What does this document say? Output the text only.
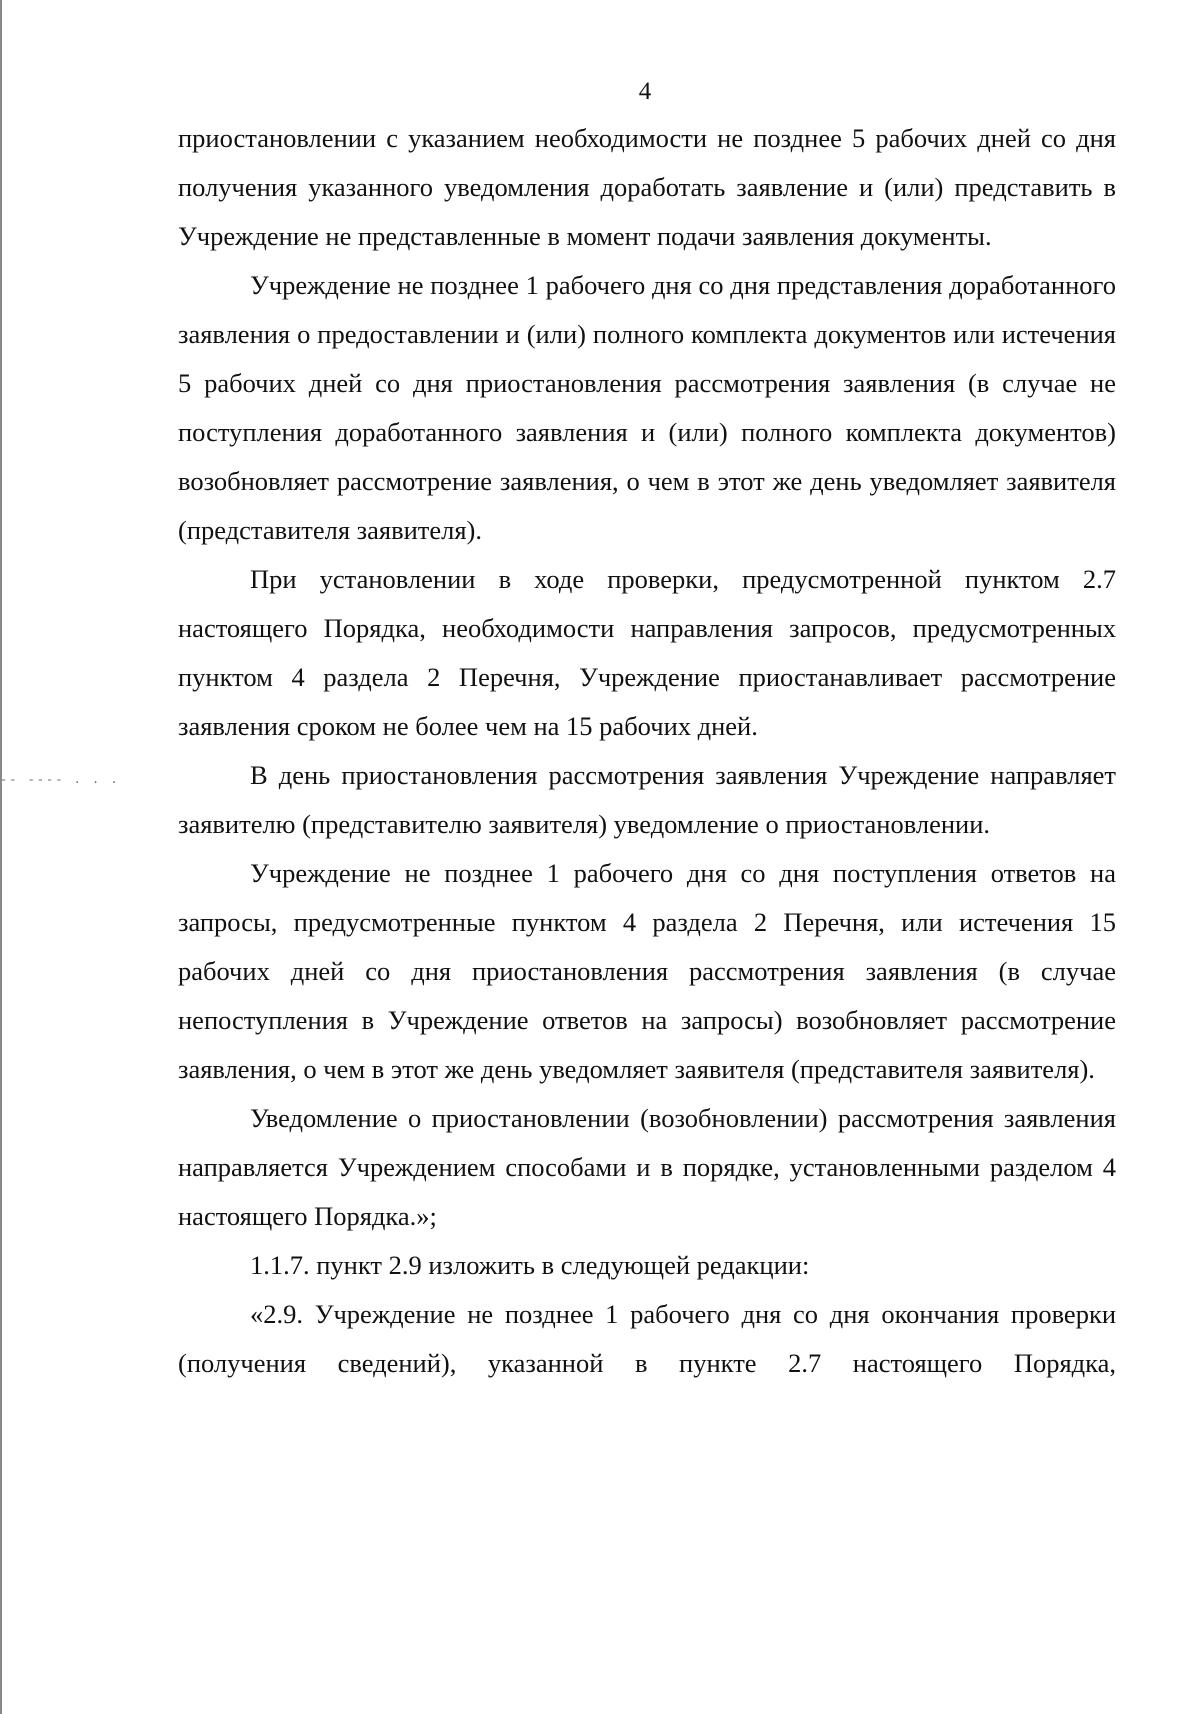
4
-- ---- . . .

приостановлении с указанием необходимости не позднее 5 рабочих дней со дня получения указанного уведомления доработать заявление и (или) представить в Учреждение не представленные в момент подачи заявления документы.

Учреждение не позднее 1 рабочего дня со дня представления доработанного заявления о предоставлении и (или) полного комплекта документов или истечения 5 рабочих дней со дня приостановления рассмотрения заявления (в случае не поступления доработанного заявления и (или) полного комплекта документов) возобновляет рассмотрение заявления, о чем в этот же день уведомляет заявителя (представителя заявителя).

При установлении в ходе проверки, предусмотренной пунктом 2.7 настоящего Порядка, необходимости направления запросов, предусмотренных пунктом 4 раздела 2 Перечня, Учреждение приостанавливает рассмотрение заявления сроком не более чем на 15 рабочих дней.

В день приостановления рассмотрения заявления Учреждение направляет заявителю (представителю заявителя) уведомление о приостановлении.

Учреждение не позднее 1 рабочего дня со дня поступления ответов на запросы, предусмотренные пунктом 4 раздела 2 Перечня, или истечения 15 рабочих дней со дня приостановления рассмотрения заявления (в случае непоступления в Учреждение ответов на запросы) возобновляет рассмотрение заявления, о чем в этот же день уведомляет заявителя (представителя заявителя).

Уведомление о приостановлении (возобновлении) рассмотрения заявления направляется Учреждением способами и в порядке, установленными разделом 4 настоящего Порядка.»;

1.1.7. пункт 2.9 изложить в следующей редакции:

«2.9. Учреждение не позднее 1 рабочего дня со дня окончания проверки (получения сведений), указанной в пункте 2.7 настоящего Порядка,
